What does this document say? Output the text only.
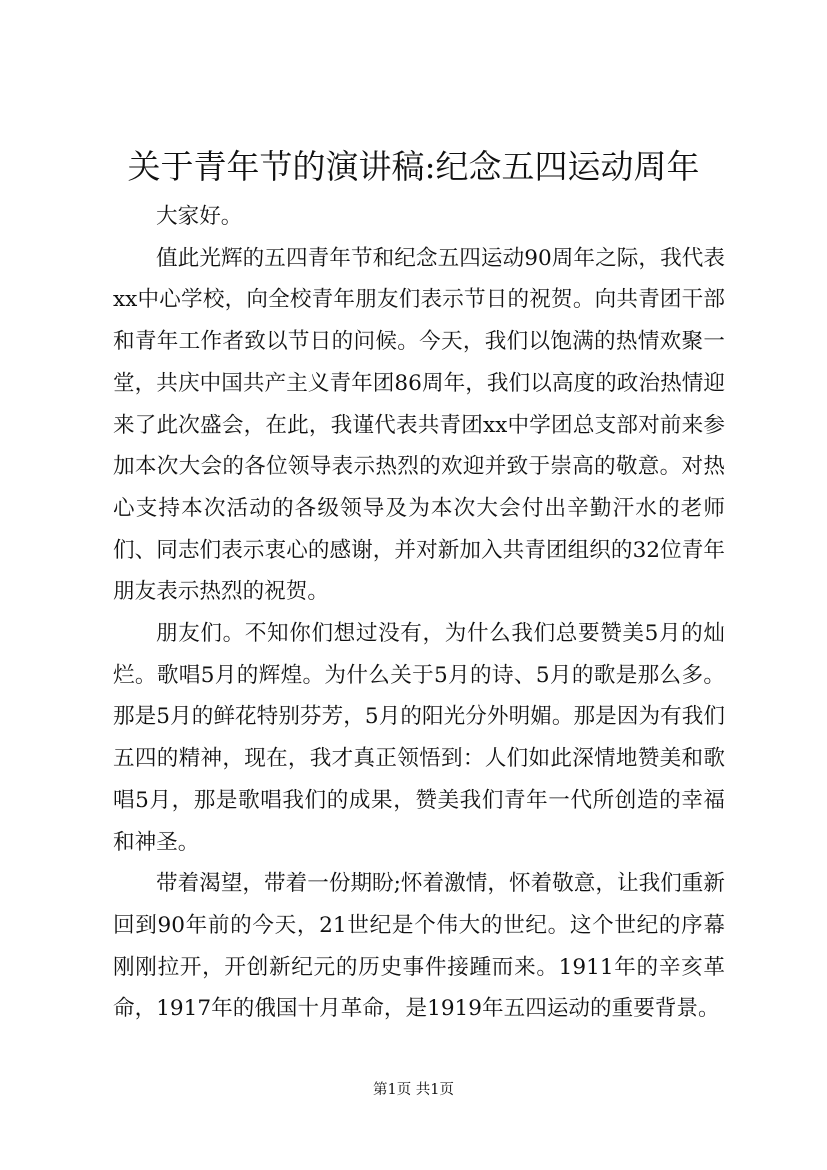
关于青年节的演讲稿:纪念五四运动周年

大家好。

值此光辉的五四青年节和纪念五四运动90周年之际，我代表xx中心学校，向全校青年朋友们表示节日的祝贺。向共青团干部和青年工作者致以节日的问候。今天，我们以饱满的热情欢聚一堂，共庆中国共产主义青年团86周年，我们以高度的政治热情迎来了此次盛会，在此，我谨代表共青团xx中学团总支部对前来参加本次大会的各位领导表示热烈的欢迎并致于崇高的敬意。对热心支持本次活动的各级领导及为本次大会付出辛勤汗水的老师们、同志们表示衷心的感谢，并对新加入共青团组织的32位青年朋友表示热烈的祝贺。

朋友们。不知你们想过没有，为什么我们总要赞美5月的灿烂。歌唱5月的辉煌。为什么关于5月的诗、5月的歌是那么多。那是5月的鲜花特别芬芳，5月的阳光分外明媚。那是因为有我们五四的精神，现在，我才真正领悟到：人们如此深情地赞美和歌唱5月，那是歌唱我们的成果，赞美我们青年一代所创造的幸福和神圣。

带着渴望，带着一份期盼;怀着激情，怀着敬意，让我们重新回到90年前的今天，21世纪是个伟大的世纪。这个世纪的序幕刚刚拉开，开创新纪元的历史事件接踵而来。1911年的辛亥革命，1917年的俄国十月革命，是1919年五四运动的重要背景。

第1页 共1页
